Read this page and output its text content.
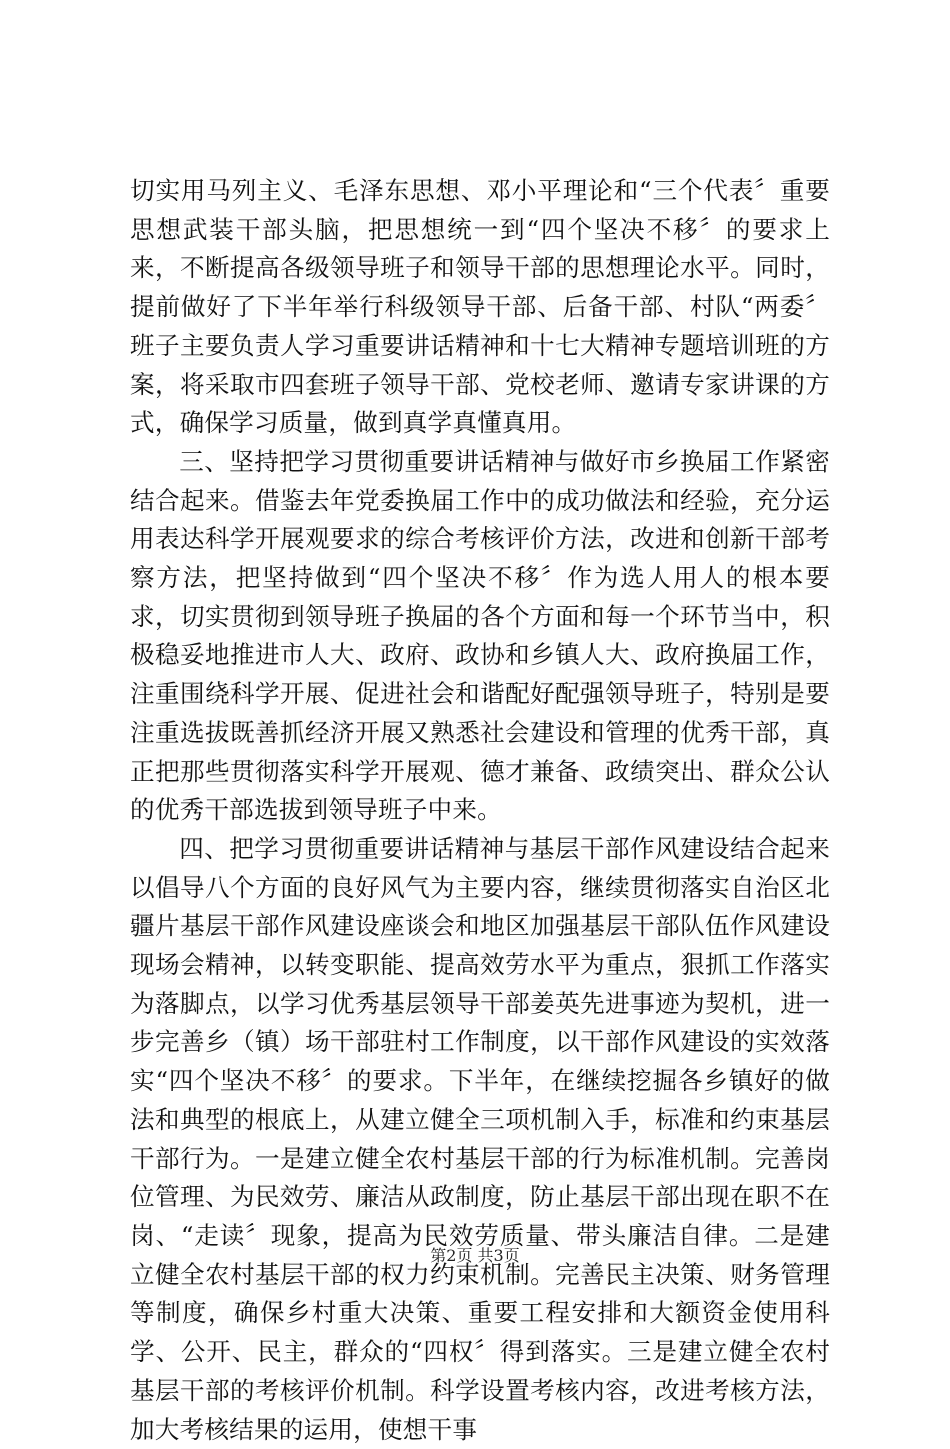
切实用马列主义、毛泽东思想、邓小平理论和“三个代表〞重要思想武装干部头脑，把思想统一到“四个坚决不移〞的要求上来，不断提高各级领导班子和领导干部的思想理论水平。同时，提前做好了下半年举行科级领导干部、后备干部、村队“两委〞班子主要负责人学习重要讲话精神和十七大精神专题培训班的方案，将采取市四套班子领导干部、党校老师、邀请专家讲课的方式，确保学习质量，做到真学真懂真用。

三、坚持把学习贯彻重要讲话精神与做好市乡换届工作紧密结合起来。借鉴去年党委换届工作中的成功做法和经验，充分运用表达科学开展观要求的综合考核评价方法，改进和创新干部考察方法，把坚持做到“四个坚决不移〞作为选人用人的根本要求，切实贯彻到领导班子换届的各个方面和每一个环节当中，积极稳妥地推进市人大、政府、政协和乡镇人大、政府换届工作，注重围绕科学开展、促进社会和谐配好配强领导班子，特别是要注重选拔既善抓经济开展又熟悉社会建设和管理的优秀干部，真正把那些贯彻落实科学开展观、德才兼备、政绩突出、群众公认的优秀干部选拔到领导班子中来。

四、把学习贯彻重要讲话精神与基层干部作风建设结合起来以倡导八个方面的良好风气为主要内容，继续贯彻落实自治区北疆片基层干部作风建设座谈会和地区加强基层干部队伍作风建设现场会精神，以转变职能、提高效劳水平为重点，狠抓工作落实为落脚点，以学习优秀基层领导干部姜英先进事迹为契机，进一步完善乡（镇）场干部驻村工作制度，以干部作风建设的实效落实“四个坚决不移〞的要求。下半年，在继续挖掘各乡镇好的做法和典型的根底上，从建立健全三项机制入手，标准和约束基层干部行为。一是建立健全农村基层干部的行为标准机制。完善岗位管理、为民效劳、廉洁从政制度，防止基层干部出现在职不在岗、“走读〞现象，提高为民效劳质量、带头廉洁自律。二是建立健全农村基层干部的权力约束机制。完善民主决策、财务管理等制度，确保乡村重大决策、重要工程安排和大额资金使用科学、公开、民主，群众的“四权〞得到落实。三是建立健全农村基层干部的考核评价机制。科学设置考核内容，改进考核方法，加大考核结果的运用，使想干事

第2页 共3页
